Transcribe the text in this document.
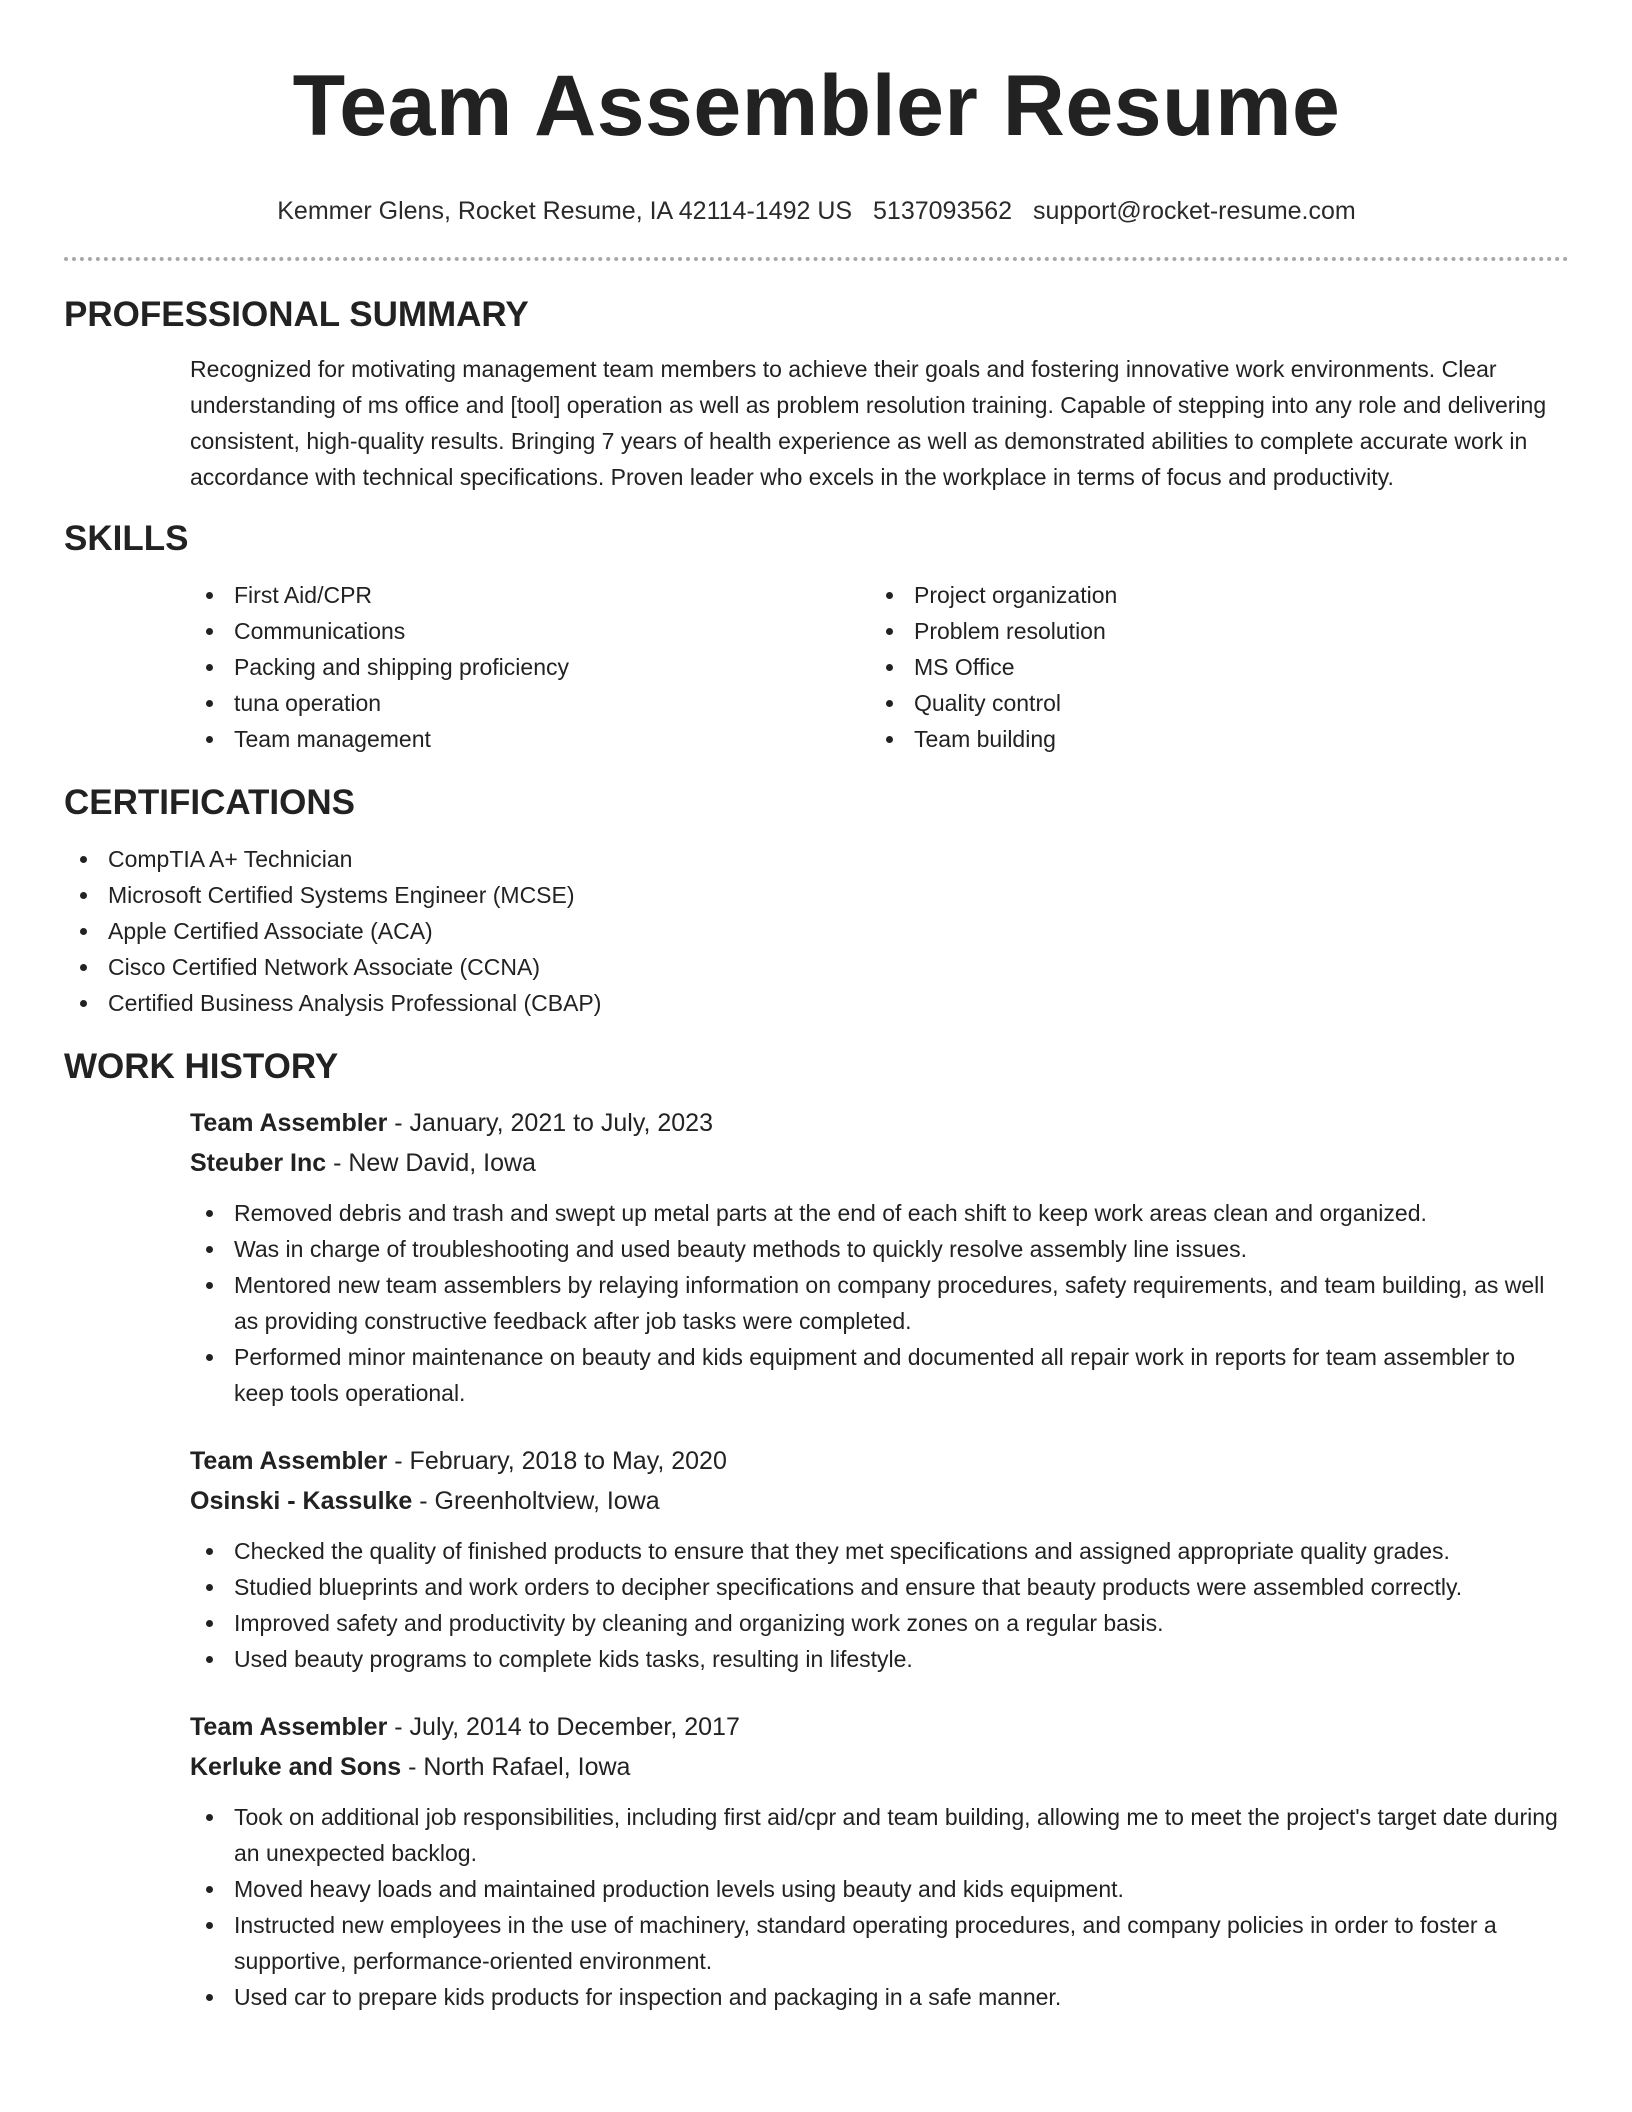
Team Assembler Resume
Kemmer Glens, Rocket Resume, IA 42114-1492 US 5137093562 support@rocket-resume.com
PROFESSIONAL SUMMARY
Recognized for motivating management team members to achieve their goals and fostering innovative work environments. Clear understanding of ms office and [tool] operation as well as problem resolution training. Capable of stepping into any role and delivering consistent, high-quality results. Bringing 7 years of health experience as well as demonstrated abilities to complete accurate work in accordance with technical specifications. Proven leader who excels in the workplace in terms of focus and productivity.
SKILLS
First Aid/CPR
Communications
Packing and shipping proficiency
tuna operation
Team management
Project organization
Problem resolution
MS Office
Quality control
Team building
CERTIFICATIONS
CompTIA A+ Technician
Microsoft Certified Systems Engineer (MCSE)
Apple Certified Associate (ACA)
Cisco Certified Network Associate (CCNA)
Certified Business Analysis Professional (CBAP)
WORK HISTORY
Team Assembler - January, 2021 to July, 2023
Steuber Inc - New David, Iowa
Removed debris and trash and swept up metal parts at the end of each shift to keep work areas clean and organized.
Was in charge of troubleshooting and used beauty methods to quickly resolve assembly line issues.
Mentored new team assemblers by relaying information on company procedures, safety requirements, and team building, as well as providing constructive feedback after job tasks were completed.
Performed minor maintenance on beauty and kids equipment and documented all repair work in reports for team assembler to keep tools operational.
Team Assembler - February, 2018 to May, 2020
Osinski - Kassulke - Greenholtview, Iowa
Checked the quality of finished products to ensure that they met specifications and assigned appropriate quality grades.
Studied blueprints and work orders to decipher specifications and ensure that beauty products were assembled correctly.
Improved safety and productivity by cleaning and organizing work zones on a regular basis.
Used beauty programs to complete kids tasks, resulting in lifestyle.
Team Assembler - July, 2014 to December, 2017
Kerluke and Sons - North Rafael, Iowa
Took on additional job responsibilities, including first aid/cpr and team building, allowing me to meet the project's target date during an unexpected backlog.
Moved heavy loads and maintained production levels using beauty and kids equipment.
Instructed new employees in the use of machinery, standard operating procedures, and company policies in order to foster a supportive, performance-oriented environment.
Used car to prepare kids products for inspection and packaging in a safe manner.
